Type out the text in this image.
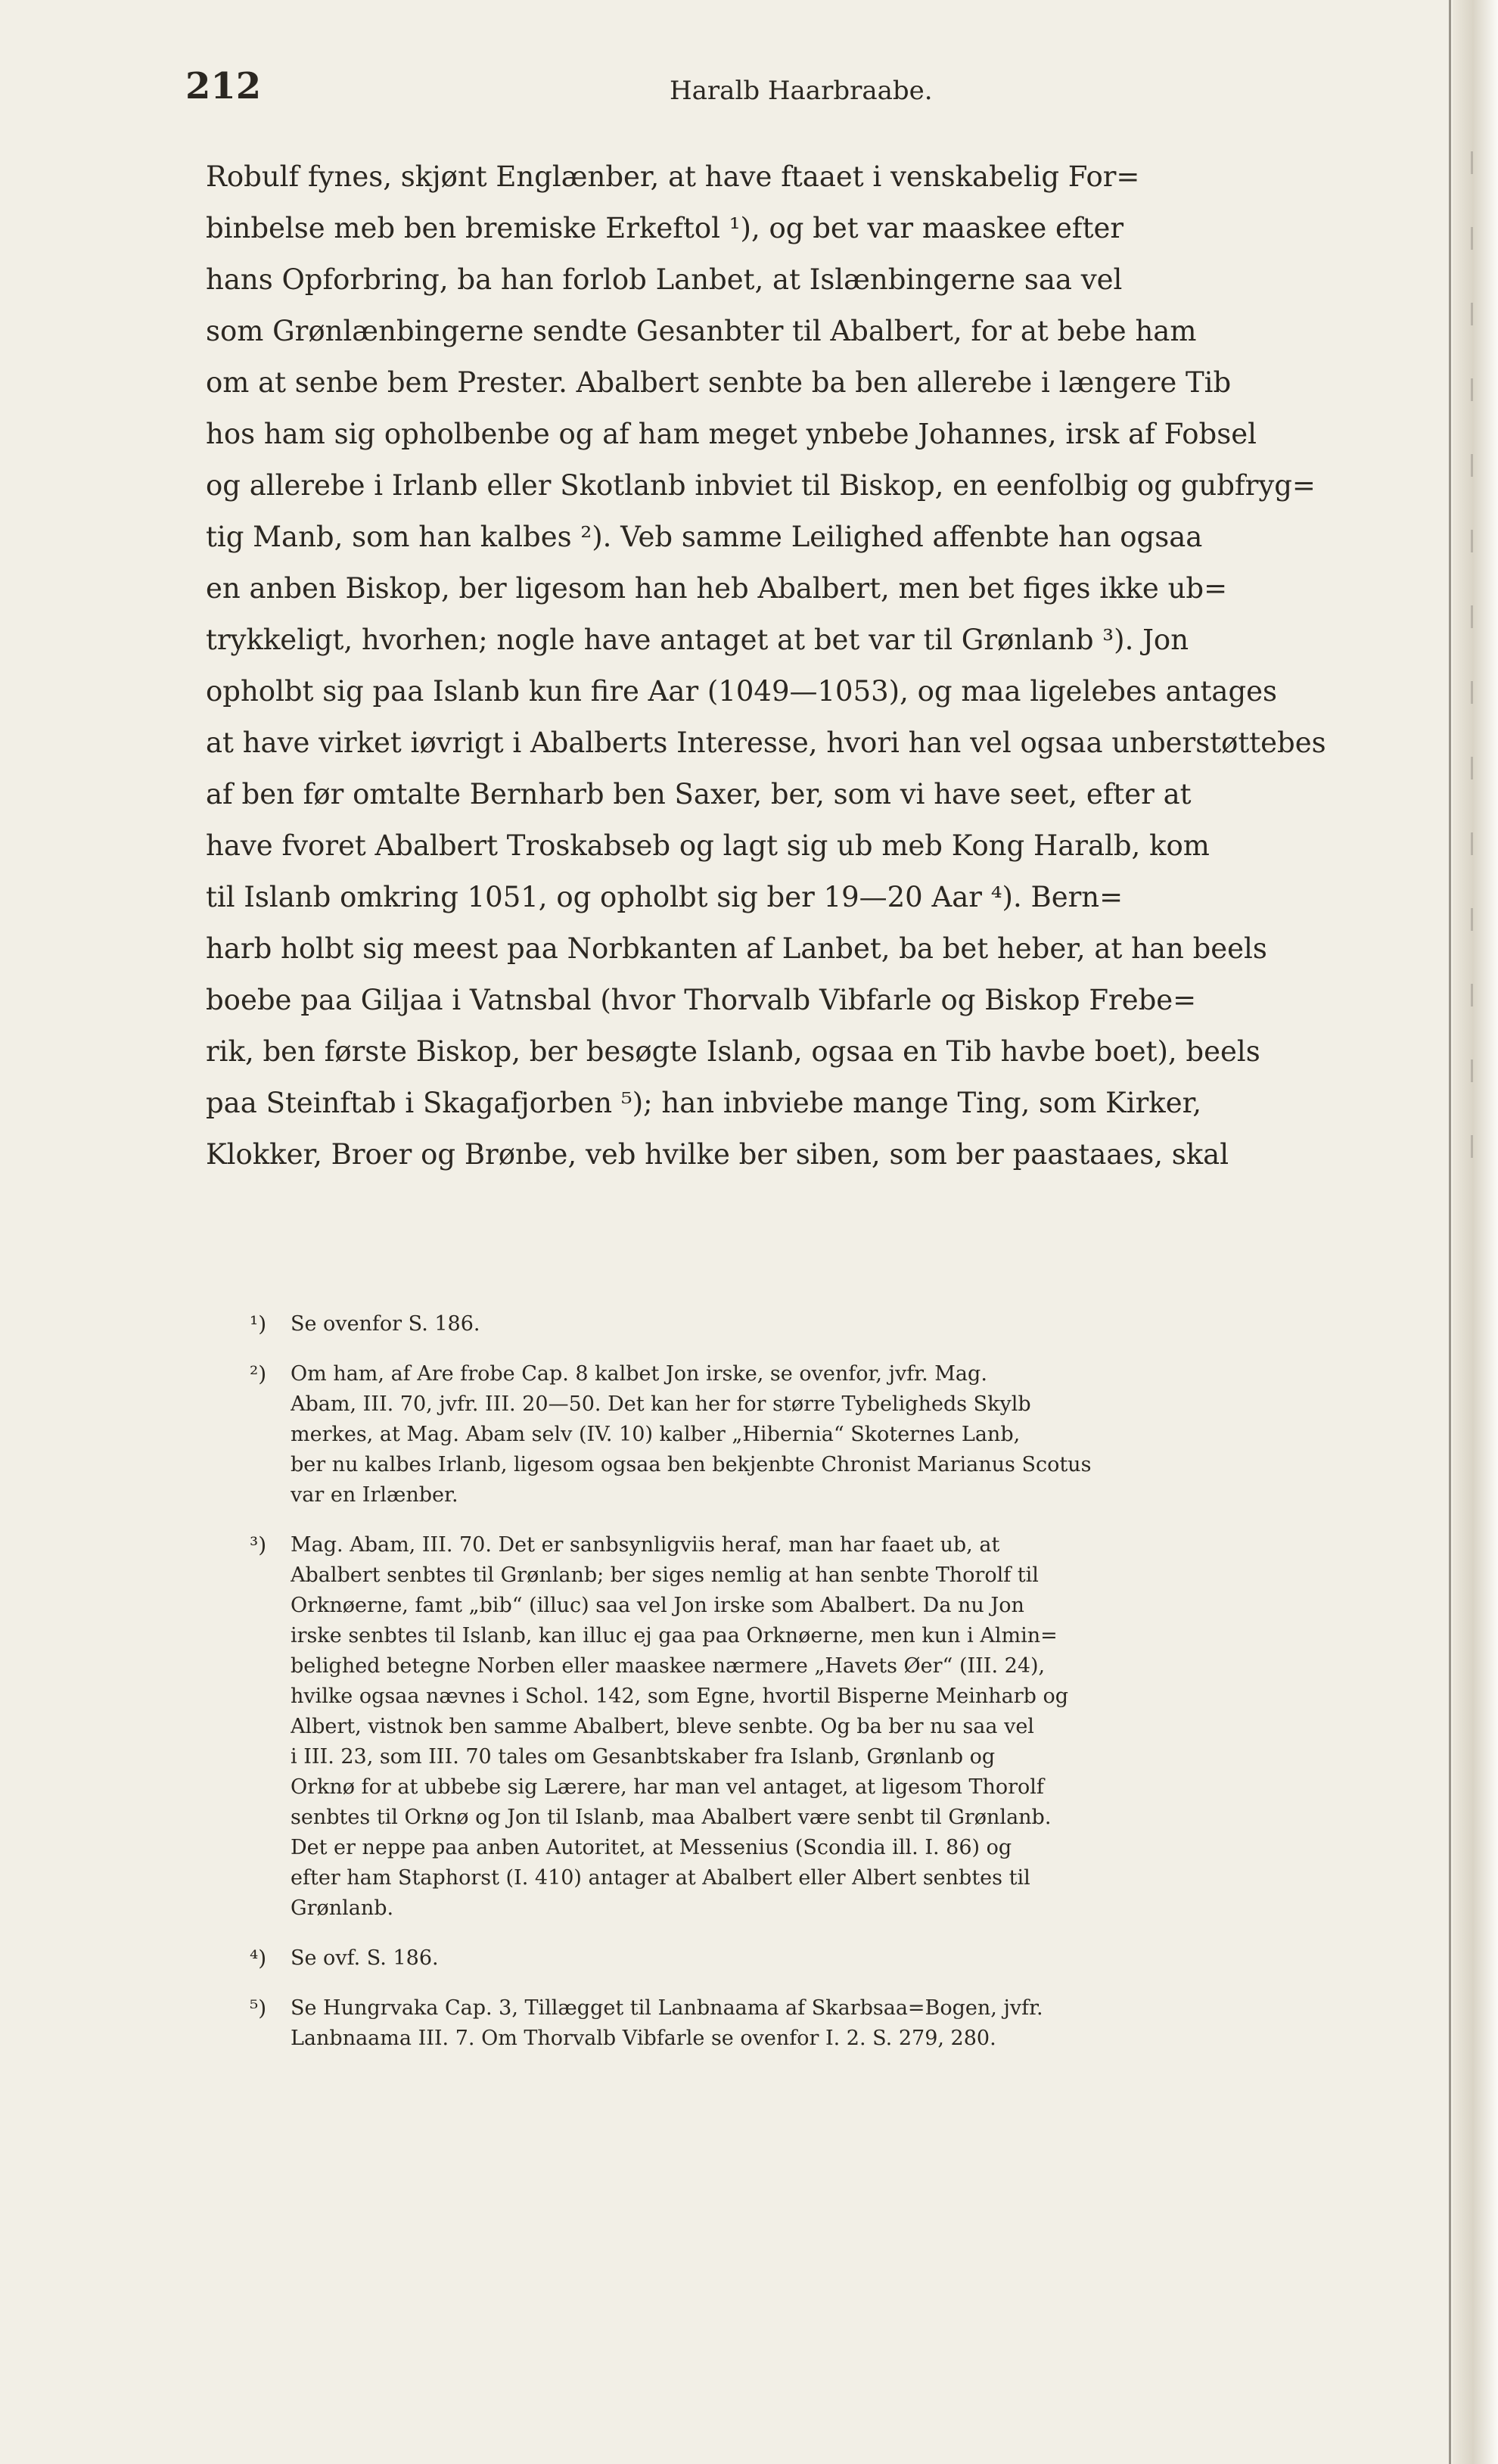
212	Haralb Haarbraabe.
Robulf fynes, skjønt Englænber, at have ftaaet i venskabelig For=
binbelse meb ben bremiske Erkeftol ¹), og bet var maaskee efter
hans Opforbring, ba han forlob Lanbet, at Islænbingerne saa vel
som Grønlænbingerne sendte Gesanbter til Abalbert, for at bebe ham
om at senbe bem Prester. Abalbert senbte ba ben allerebe i længere Tib
hos ham sig opholbenbe og af ham meget ynbebe Johannes, irsk af Fobsel
og allerebe i Irlanb eller Skotlanb inbviet til Biskop, en eenfolbig og gubfryg=
tig Manb, som han kalbes ²). Veb samme Leilighed affenbte han ogsaa
en anben Biskop, ber ligesom han heb Abalbert, men bet figes ikke ub=
trykkeligt, hvorhen; nogle have antaget at bet var til Grønlanb ³). Jon
opholbt sig paa Islanb kun fire Aar (1049—1053), og maa ligelebes antages
at have virket iøvrigt i Abalberts Interesse, hvori han vel ogsaa unberstøttebes
af ben før omtalte Bernharb ben Saxer, ber, som vi have seet, efter at
have fvoret Abalbert Troskabseb og lagt sig ub meb Kong Haralb, kom
til Islanb omkring 1051, og opholbt sig ber 19—20 Aar ⁴). Bern=
harb holbt sig meest paa Norbkanten af Lanbet, ba bet heber, at han beels
boebe paa Giljaa i Vatnsbal (hvor Thorvalb Vibfarle og Biskop Frebe=
rik, ben første Biskop, ber besøgte Islanb, ogsaa en Tib havbe boet), beels
paa Steinftab i Skagafjorben ⁵); han inbviebe mange Ting, som Kirker,
Klokker, Broer og Brønbe, veb hvilke ber siben, som ber paastaaes, skal
¹) Se ovenfor S. 186.
²) Om ham, af Are frobe Cap. 8 kalbet Jon irske, se ovenfor, jvfr. Mag.
Abam, III. 70, jvfr. III. 20—50. Det kan her for større Tybeligheds Skylb
merkes, at Mag. Abam selv (IV. 10) kalber „Hibernia“ Skoternes Lanb,
ber nu kalbes Irlanb, ligesom ogsaa ben bekjenbte Chronist Marianus Scotus
var en Irlænber.
³) Mag. Abam, III. 70. Det er sanbsynligviis heraf, man har faaet ub, at
Abalbert senbtes til Grønlanb; ber siges nemlig at han senbte Thorolf til
Orknøerne, famt „bib“ (illuc) saa vel Jon irske som Abalbert. Da nu Jon
irske senbtes til Islanb, kan illuc ej gaa paa Orknøerne, men kun i Almin=
belighed betegne Norben eller maaskee nærmere „Havets Øer“ (III. 24),
hvilke ogsaa nævnes i Schol. 142, som Egne, hvortil Bisperne Meinharb og
Albert, vistnok ben samme Abalbert, bleve senbte. Og ba ber nu saa vel
i III. 23, som III. 70 tales om Gesanbtskaber fra Islanb, Grønlanb og
Orknø for at ubbebe sig Lærere, har man vel antaget, at ligesom Thorolf
senbtes til Orknø og Jon til Islanb, maa Abalbert være senbt til Grønlanb.
Det er neppe paa anben Autoritet, at Messenius (Scondia ill. I. 86) og
efter ham Staphorst (I. 410) antager at Abalbert eller Albert senbtes til
Grønlanb.
⁴) Se ovf. S. 186.
⁵) Se Hungrvaka Cap. 3, Tillægget til Lanbnaama af Skarbsaa=Bogen, jvfr.
Lanbnaama III. 7. Om Thorvalb Vibfarle se ovenfor I. 2. S. 279, 280.
